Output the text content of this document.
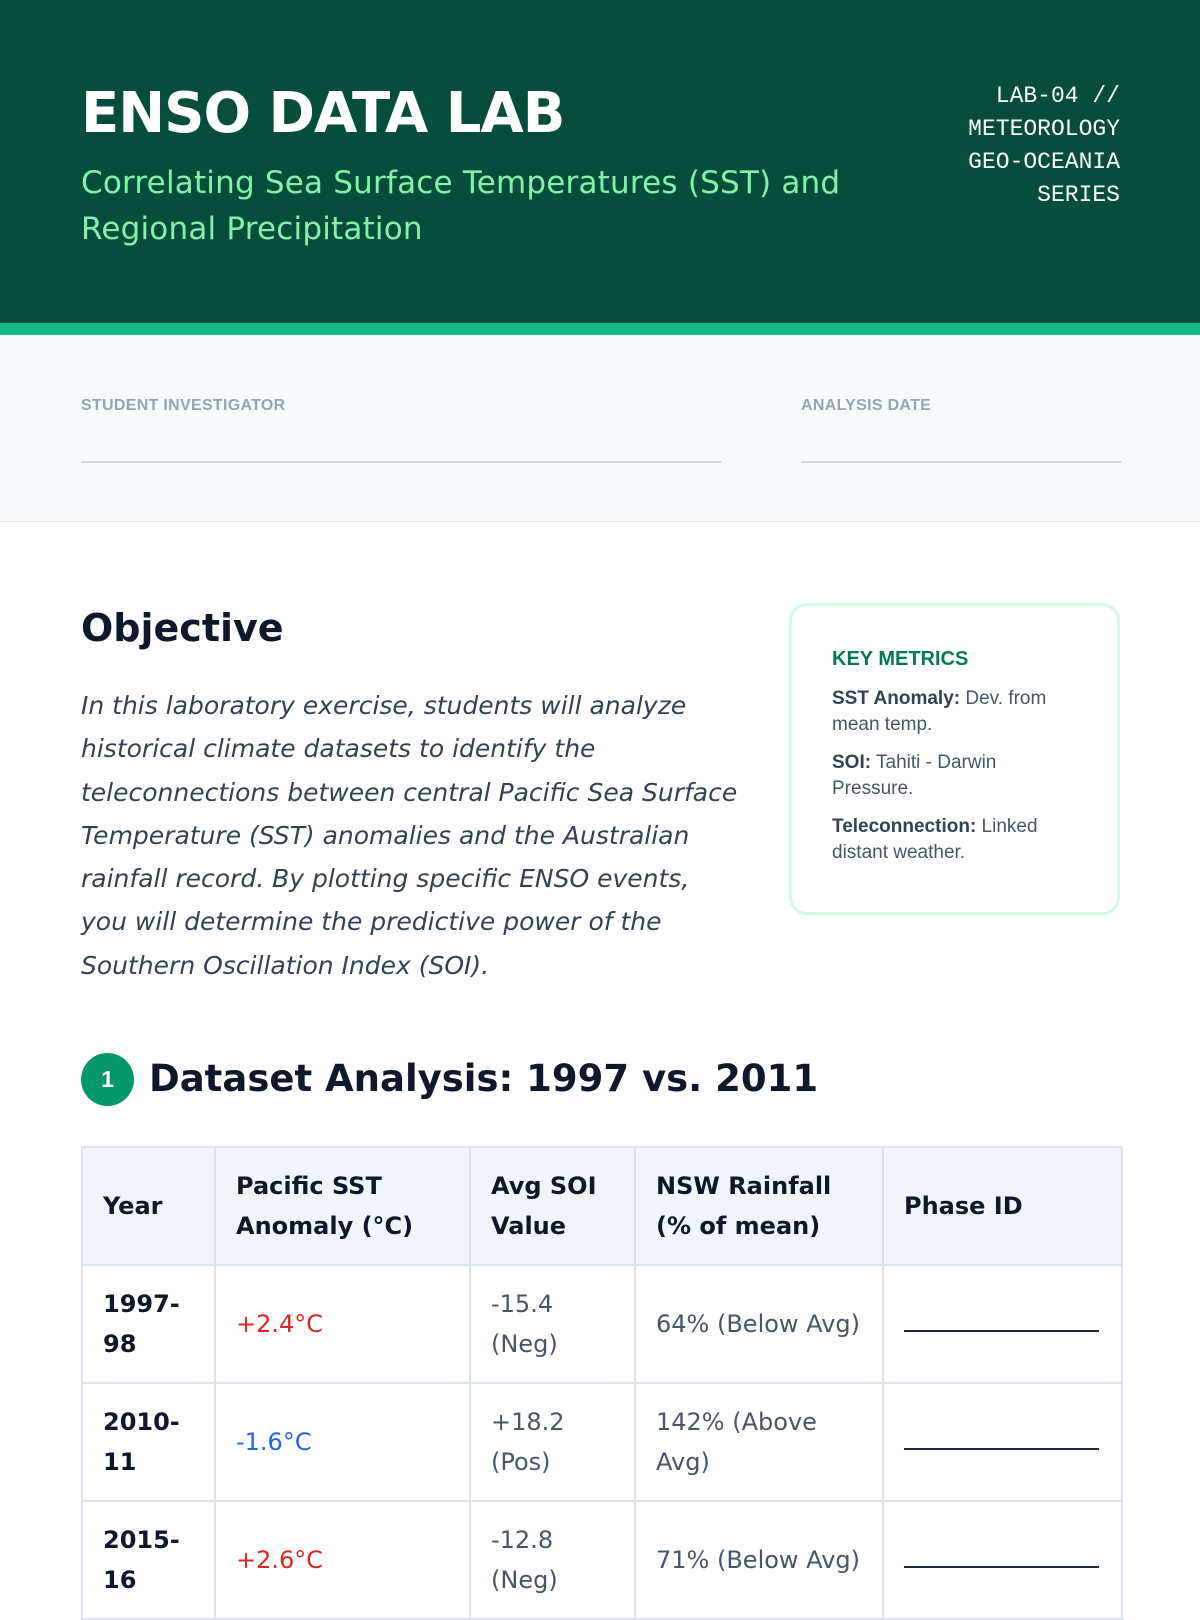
ENSO DATA LAB

Correlating Sea Surface Temperatures (SST) and Regional Precipitation

LAB-04 //
METEOROLOGY
GEO-OCEANIA
SERIES
STUDENT INVESTIGATOR	ANALYSIS DATE
Objective

In this laboratory exercise, students will analyze historical climate datasets to identify the teleconnections between central Pacific Sea Surface Temperature (SST) anomalies and the Australian rainfall record. By plotting specific ENSO events, you will determine the predictive power of the Southern Oscillation Index (SOI).

KEY METRICS
SST Anomaly: Dev. from mean temp.
SOI: Tahiti - Darwin Pressure.
Teleconnection: Linked distant weather.
1 Dataset Analysis: 1997 vs. 2011
Year	Pacific SST Anomaly (°C)	Avg SOI Value	NSW Rainfall (% of mean)	Phase ID
1997-98	+2.4°C	-15.4 (Neg)	64% (Below Avg)	

2010-11	-1.6°C	+18.2 (Pos)	142% (Above Avg)	

2015-16	+2.6°C	-12.8 (Neg)	71% (Below Avg)	
